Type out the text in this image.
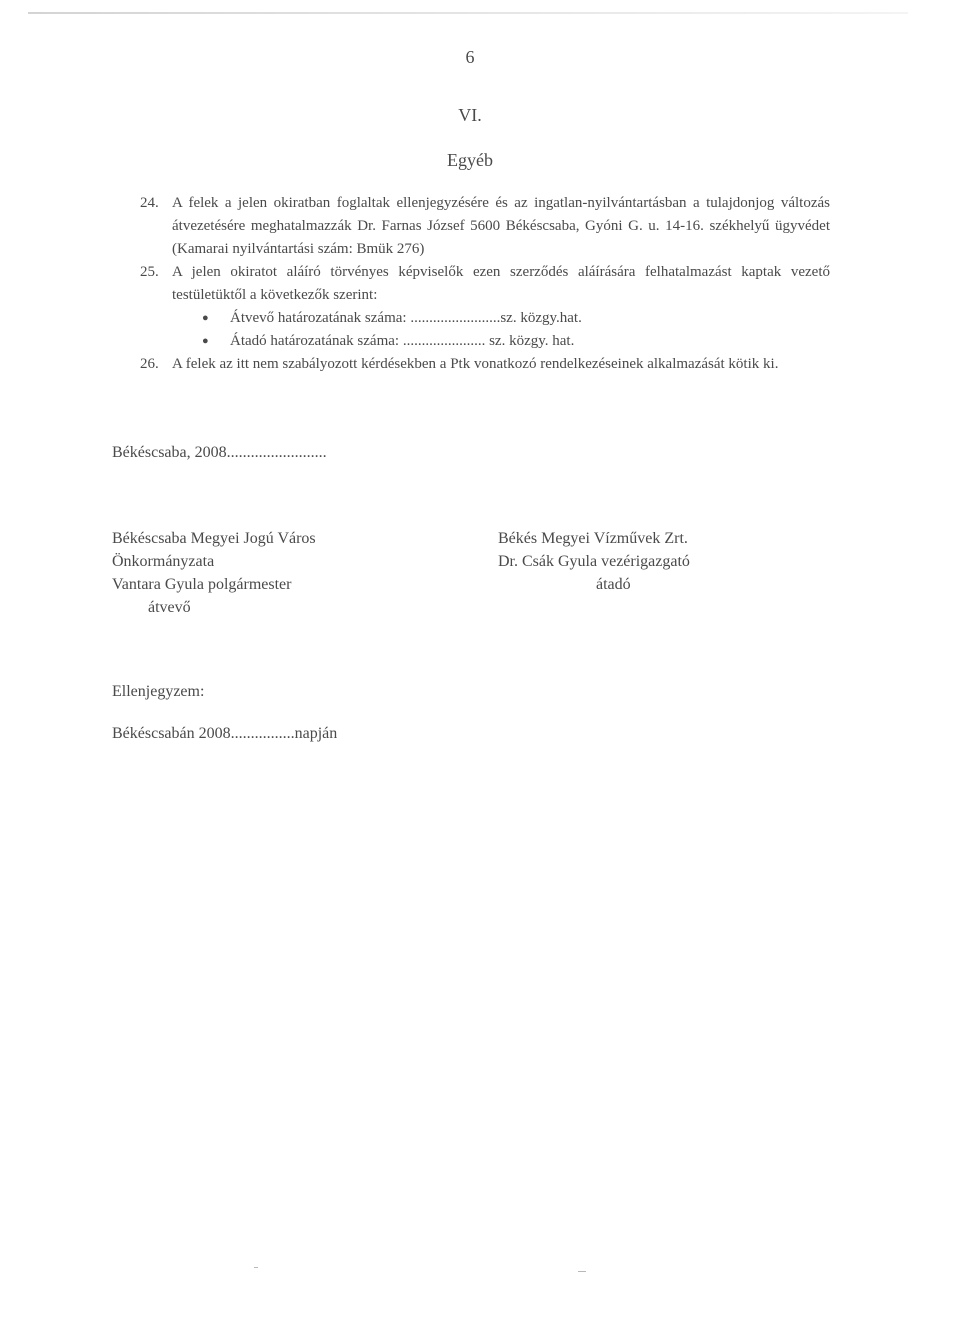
6
VI.
Egyéb
24. A felek a jelen okiratban foglaltak ellenjegyzésére és az ingatlan-nyilvántartásban a tulajdonjog változás átvezetésére meghatalmazzák Dr. Farnas József 5600 Békéscsaba, Gyóni G. u. 14-16. székhelyű ügyvédet (Kamarai nyilvántartási szám: Bmük 276)
25. A jelen okiratot aláíró törvényes képviselők ezen szerződés aláírására felhatalmazást kaptak vezető testületüktől a következők szerint:
● Átvevő határozatának száma: ........................sz. közgy.hat.
● Átadó határozatának száma: ...................... sz. közgy. hat.
26. A felek az itt nem szabályozott kérdésekben a Ptk vonatkozó rendelkezéseinek alkalmazását kötik ki.
Békéscsaba, 2008.........................
Békéscsaba Megyei Jogú Város
Önkormányzata
Vantara Gyula polgármester
átvevő
Békés Megyei Vízművek Zrt.
Dr. Csák Gyula vezérigazgató
átadó
Ellenjegyzem:
Békéscsabán 2008................napján
